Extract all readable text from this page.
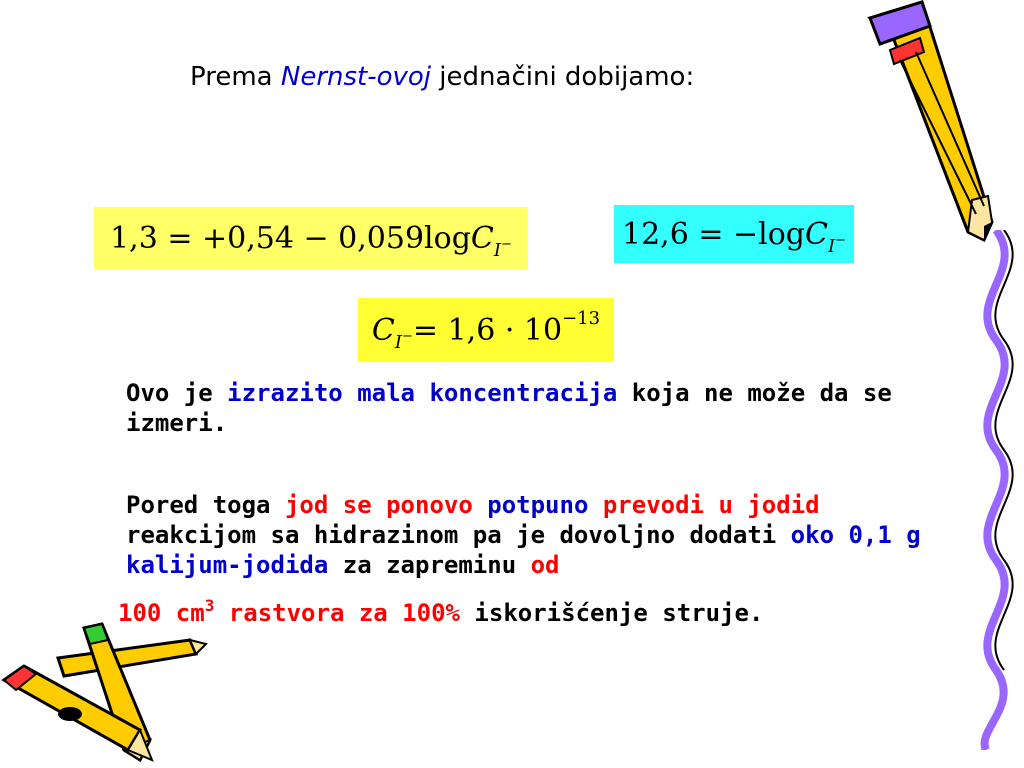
Prema Nernst-ovoj jednačini dobijamo:
1,3 = +0,54 − 0,059log C I−	12,6 = −log C I−
C I− = 1,6 · 10 −13
Ovo je izrazito mala koncentracija koja ne može da se izmeri.
Pored toga jod se ponovo potpuno prevodi u jodid reakcijom sa hidrazinom pa je dovoljno dodati oko 0,1 g kalijum-jodida za zapreminu od
100 $cm^3$ rastvora za 100% iskorišćenje struje.
